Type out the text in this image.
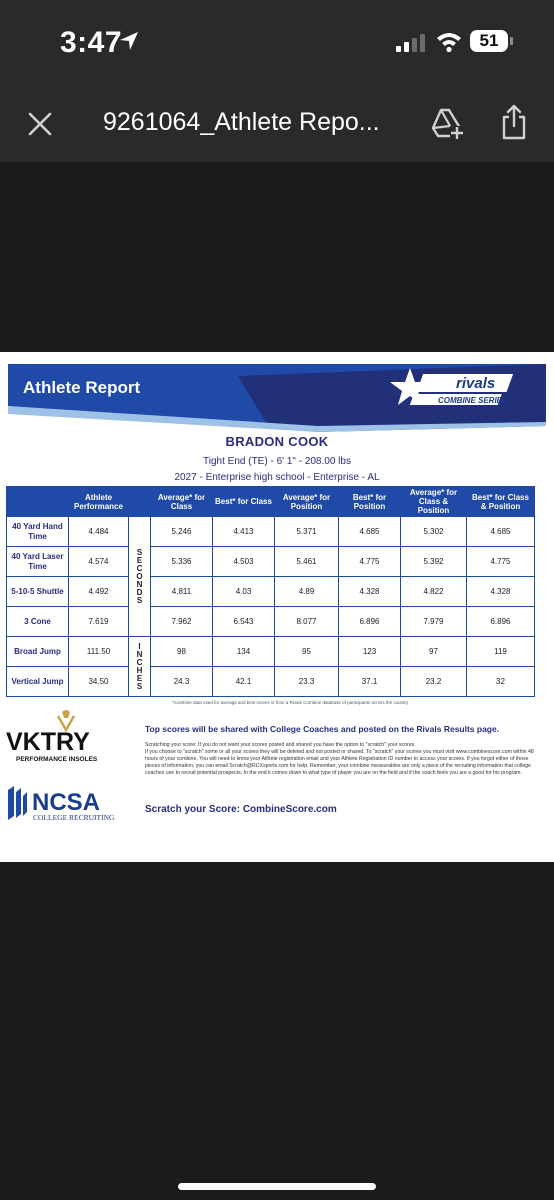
3:47	51
9261064_Athlete Repo...
Athlete Report	rivals
COMBINE SERIES
BRADON COOK
Tight End (TE) - 6' 1" - 208.00 lbs
2027 - Enterprise high school - Enterprise - AL
	Athlete Performance		Average* for Class	Best* for Class	Average* for Position	Best* for Position	Average* for Class & Position	Best* for Class & Position
40 Yard Hand Time	4.484	S E C O N D S	5.246	4.413	5.371	4.685	5.302	4.685
40 Yard Laser Time	4.574		5.336	4.503	5.461	4.775	5.392	4.775
5-10-5 Shuttle	4.492		4.811	4.03	4.89	4.328	4.822	4.328
3 Cone	7.619		7.962	6.543	8.077	6.896	7.979	6.896
Broad Jump	111.50	I N C H E S	98	134	95	123	97	119
Vertical Jump	34.50		24.3	42.1	23.3	37.1	23.2	32
*Combine data used for average and best scores is from a Rivals Combine database of participants across the country
VKTRY
PERFORMANCE INSOLES
NCSA
COLLEGE RECRUITING
Top scores will be shared with College Coaches and posted on the Rivals Results page.
Scratching your score: If you do not want your scores posted and shared you have the option to "scratch" your scores.
If you choose to "scratch" some or all your scores they will be deleted and not posted or shared. To "scratch" your scores you must visit www.combinescore.com within 48 hours of your combine. You will need to know your Athlete registration email and your Athlete Registration ID number to access your scores. If you forgot either of those pieces of information, you can email Scratch@RCXsports.com for help. Remember, your combine measurables are only a piece of the recruiting information that college coaches use to recruit potential prospects. In the end it comes down to what type of player you are on the field and if the coach feels you are a good for his program.
Scratch your Score: CombineScore.com
